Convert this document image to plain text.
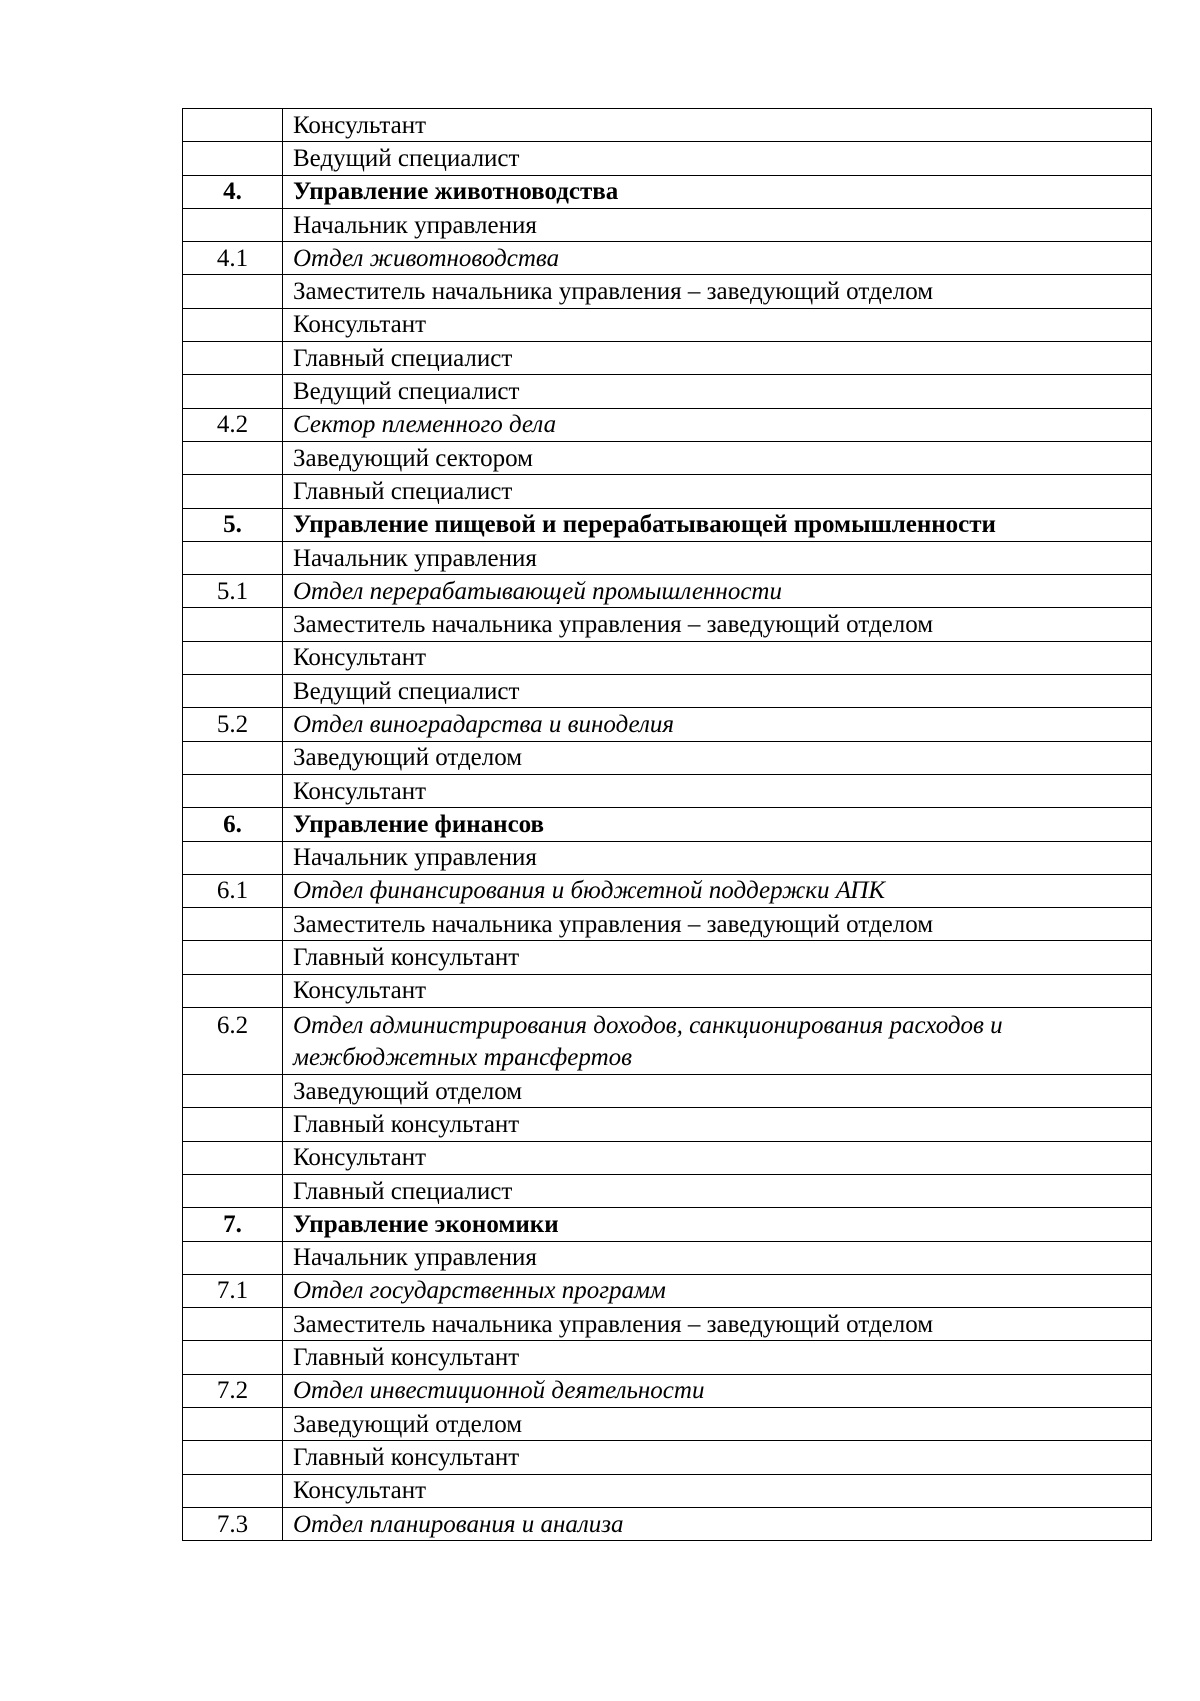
	Консультант
	Ведущий специалист
4.	Управление животноводства
	Начальник управления
4.1	Отдел животноводства
	Заместитель начальника управления – заведующий отделом
	Консультант
	Главный специалист
	Ведущий специалист
4.2	Сектор племенного дела
	Заведующий сектором
	Главный специалист
5.	Управление пищевой и перерабатывающей промышленности
	Начальник управления
5.1	Отдел перерабатывающей промышленности
	Заместитель начальника управления – заведующий отделом
	Консультант
	Ведущий специалист
5.2	Отдел виноградарства и виноделия
	Заведующий отделом
	Консультант
6.	Управление финансов
	Начальник управления
6.1	Отдел финансирования и бюджетной поддержки АПК
	Заместитель начальника управления – заведующий отделом
	Главный консультант
	Консультант
6.2	Отдел администрирования доходов, санкционирования расходов и межбюджетных трансфертов
	Заведующий отделом
	Главный консультант
	Консультант
	Главный специалист
7.	Управление экономики
	Начальник управления
7.1	Отдел государственных программ
	Заместитель начальника управления – заведующий отделом
	Главный консультант
7.2	Отдел инвестиционной деятельности
	Заведующий отделом
	Главный консультант
	Консультант
7.3	Отдел планирования и анализа
